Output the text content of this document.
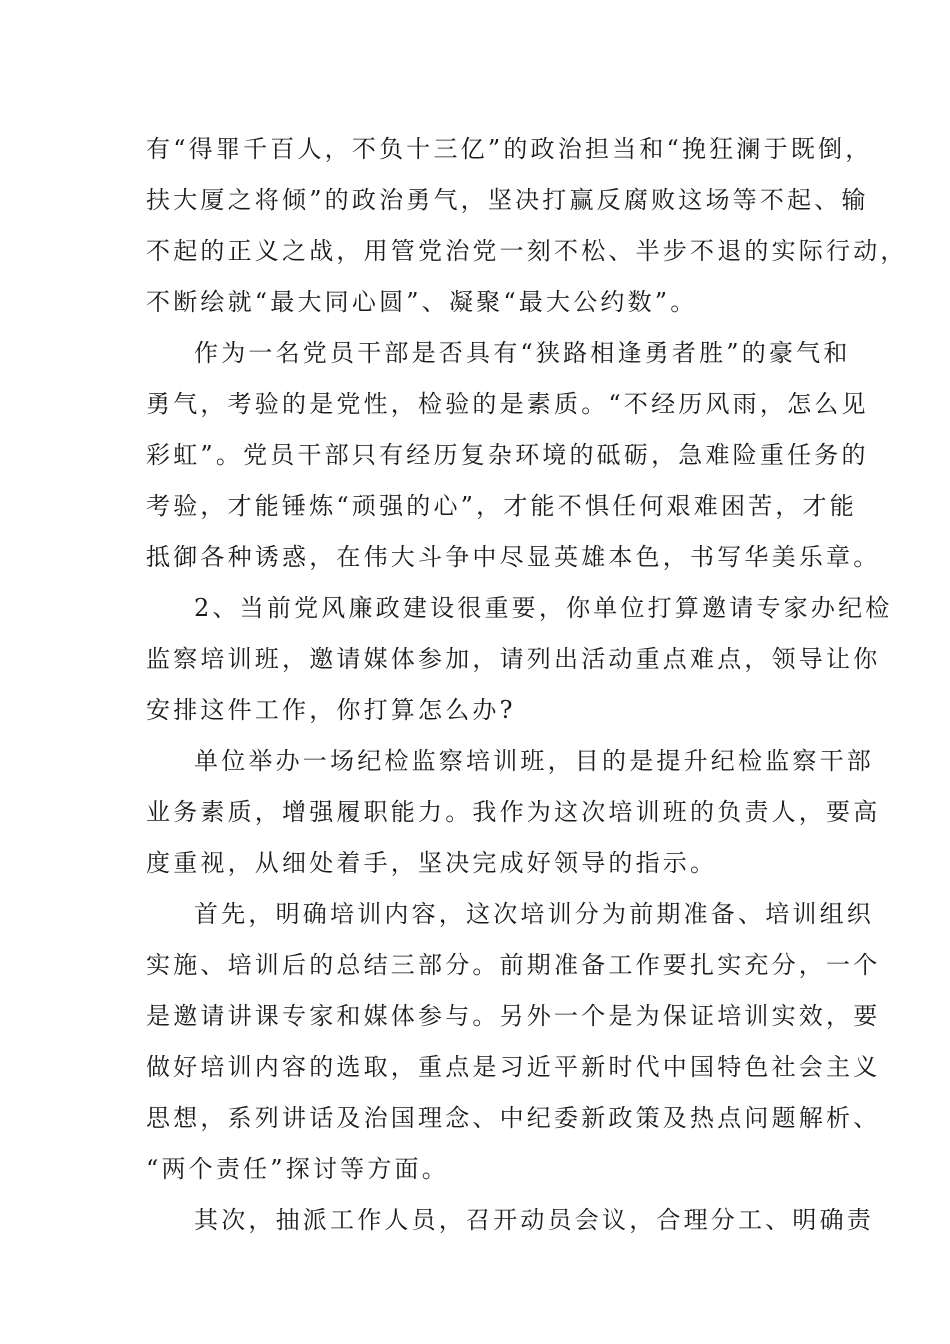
有“得罪千百人，不负十三亿”的政治担当和“挽狂澜于既倒，
扶大厦之将倾”的政治勇气，坚决打赢反腐败这场等不起、输
不起的正义之战，用管党治党一刻不松、半步不退的实际行动，
不断绘就“最大同心圆”、凝聚“最大公约数”。
作为一名党员干部是否具有“狭路相逢勇者胜”的豪气和
勇气，考验的是党性，检验的是素质。“不经历风雨，怎么见
彩虹”。党员干部只有经历复杂环境的砥砺，急难险重任务的
考验，才能锤炼“顽强的心”，才能不惧任何艰难困苦，才能
抵御各种诱惑，在伟大斗争中尽显英雄本色，书写华美乐章。
2、当前党风廉政建设很重要，你单位打算邀请专家办纪检
监察培训班，邀请媒体参加，请列出活动重点难点，领导让你
安排这件工作，你打算怎么办?
单位举办一场纪检监察培训班，目的是提升纪检监察干部
业务素质，增强履职能力。我作为这次培训班的负责人，要高
度重视，从细处着手，坚决完成好领导的指示。
首先，明确培训内容，这次培训分为前期准备、培训组织
实施、培训后的总结三部分。前期准备工作要扎实充分，一个
是邀请讲课专家和媒体参与。另外一个是为保证培训实效，要
做好培训内容的选取，重点是习近平新时代中国特色社会主义
思想，系列讲话及治国理念、中纪委新政策及热点问题解析、
“两个责任”探讨等方面。
其次，抽派工作人员，召开动员会议，合理分工、明确责
